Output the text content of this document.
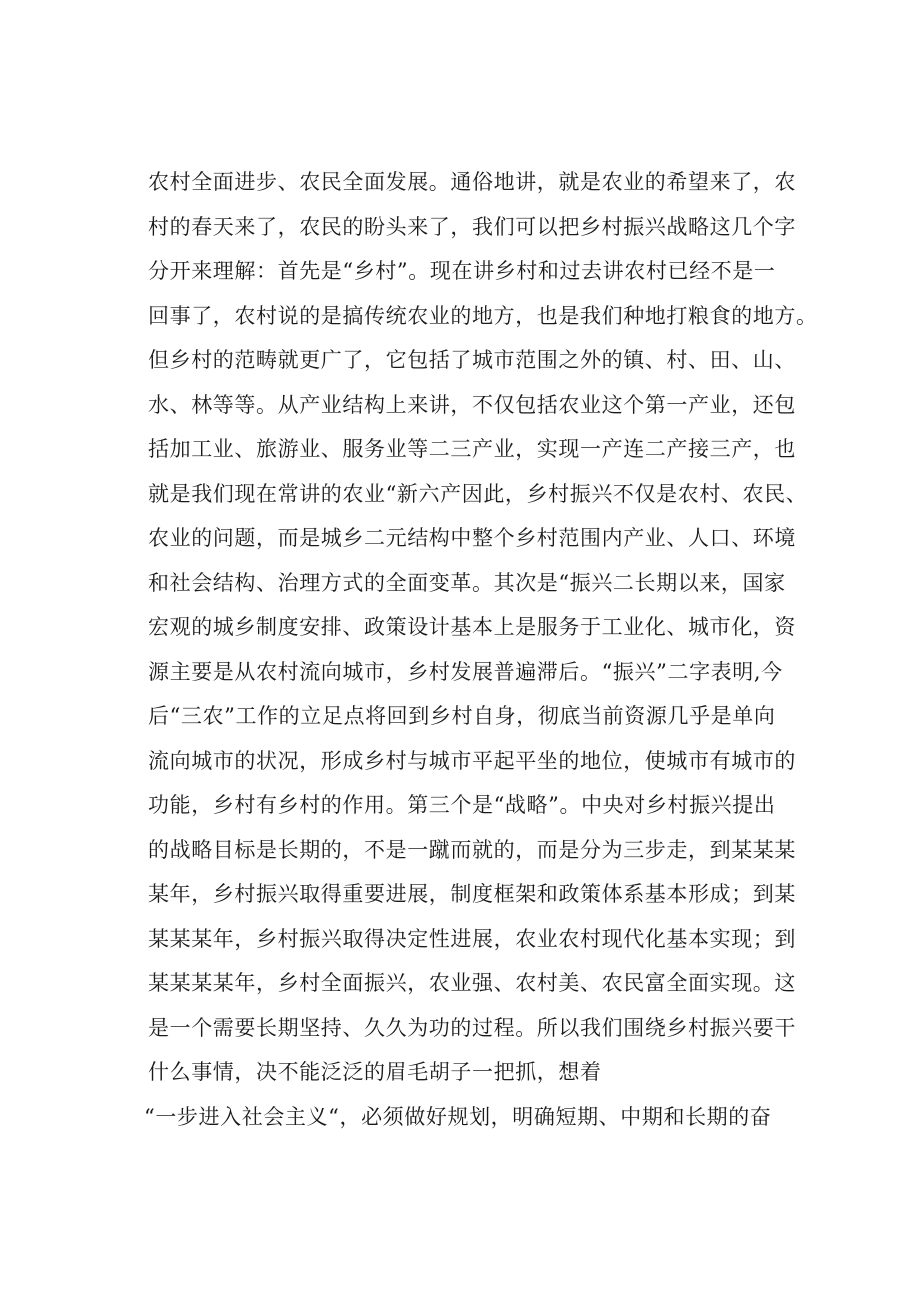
农村全面进步、农民全面发展。通俗地讲，就是农业的希望来了，农
村的春天来了，农民的盼头来了，我们可以把乡村振兴战略这几个字
分开来理解：首先是“乡村”。现在讲乡村和过去讲农村已经不是一
回事了，农村说的是搞传统农业的地方，也是我们种地打粮食的地方。
但乡村的范畴就更广了，它包括了城市范围之外的镇、村、田、山、
水、林等等。从产业结构上来讲，不仅包括农业这个第一产业，还包
括加工业、旅游业、服务业等二三产业，实现一产连二产接三产，也
就是我们现在常讲的农业“新六产因此，乡村振兴不仅是农村、农民、
农业的问题，而是城乡二元结构中整个乡村范围内产业、人口、环境
和社会结构、治理方式的全面变革。其次是“振兴二长期以来，国家
宏观的城乡制度安排、政策设计基本上是服务于工业化、城市化，资
源主要是从农村流向城市，乡村发展普遍滞后。“振兴”二字表明,今
后“三农”工作的立足点将回到乡村自身，彻底当前资源几乎是单向
流向城市的状况，形成乡村与城市平起平坐的地位，使城市有城市的
功能，乡村有乡村的作用。第三个是“战略”。中央对乡村振兴提出
的战略目标是长期的，不是一蹴而就的，而是分为三步走，到某某某
某年，乡村振兴取得重要进展，制度框架和政策体系基本形成；到某
某某某年，乡村振兴取得决定性进展，农业农村现代化基本实现；到
某某某某年，乡村全面振兴，农业强、农村美、农民富全面实现。这
是一个需要长期坚持、久久为功的过程。所以我们围绕乡村振兴要干
什么事情，决不能泛泛的眉毛胡子一把抓，想着
“一步进入社会主义“，必须做好规划，明确短期、中期和长期的奋
